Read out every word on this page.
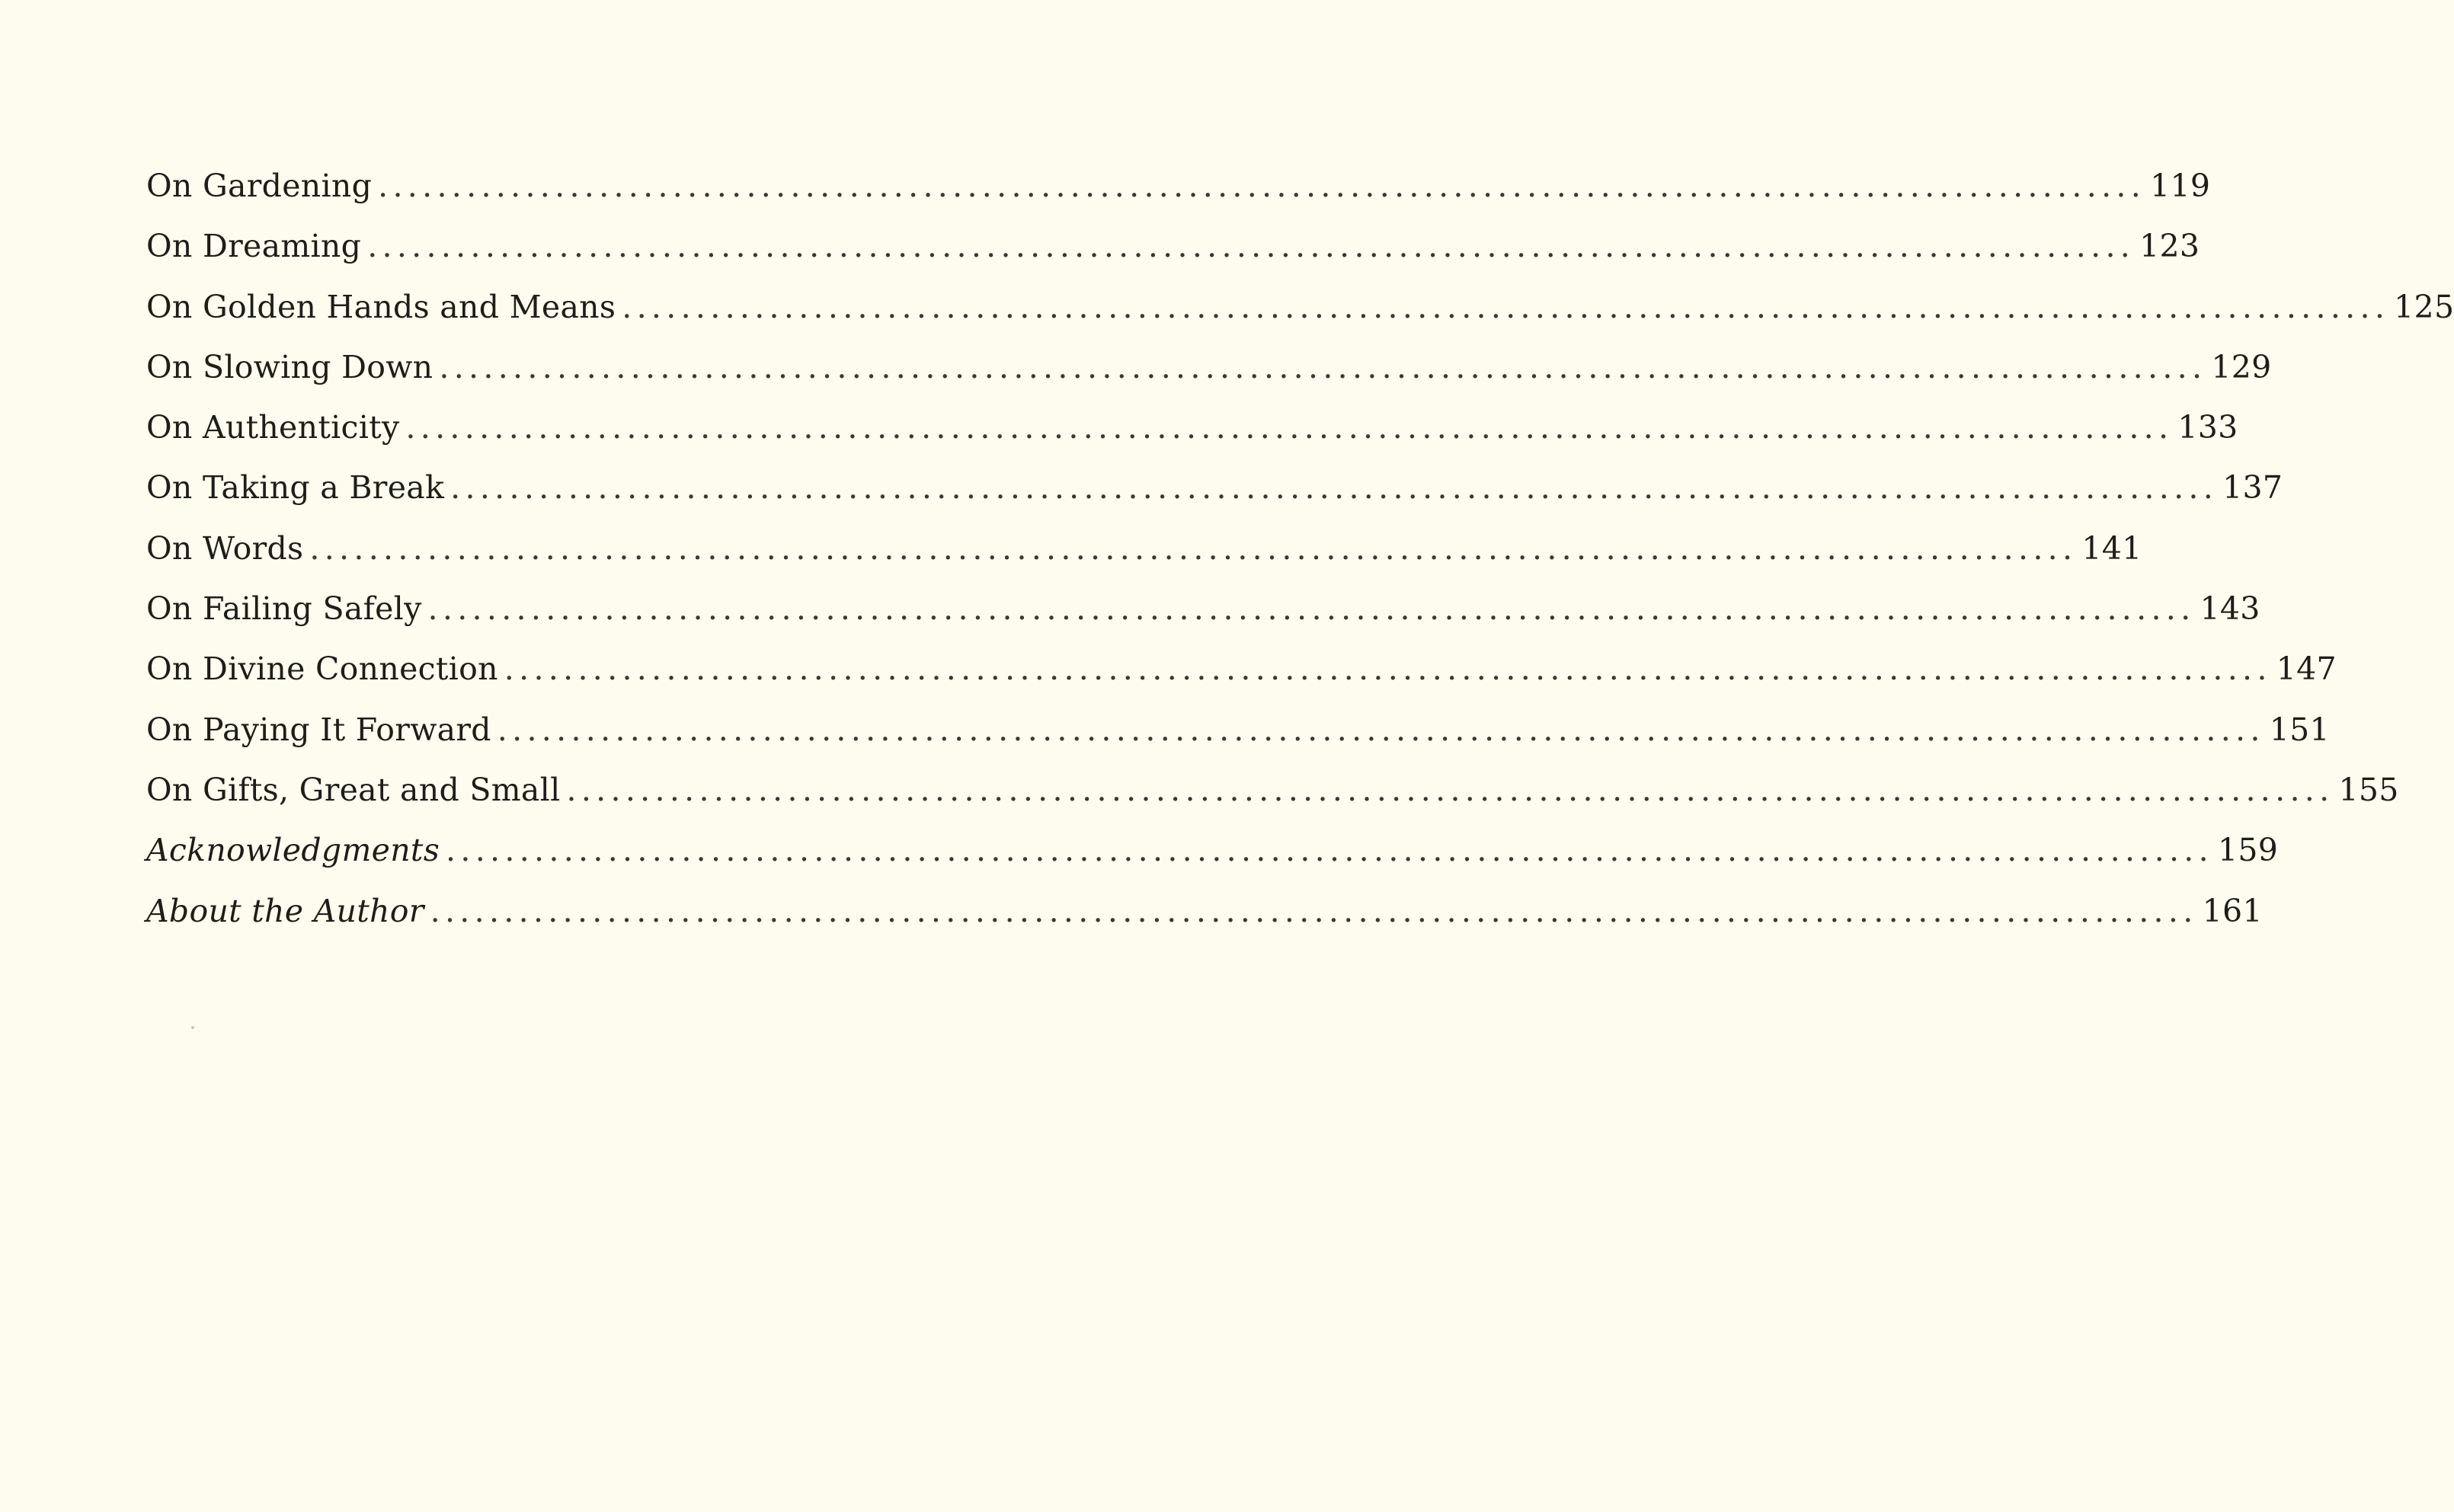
On Gardening ........................................................................................................................ 119
On Dreaming ........................................................................................................................ 123
On Golden Hands and Means ........................................................................................................................ 125
On Slowing Down ........................................................................................................................ 129
On Authenticity ........................................................................................................................ 133
On Taking a Break ........................................................................................................................ 137
On Words ........................................................................................................................ 141
On Failing Safely ........................................................................................................................ 143
On Divine Connection ........................................................................................................................ 147
On Paying It Forward ........................................................................................................................ 151
On Gifts, Great and Small ........................................................................................................................ 155
Acknowledgments ........................................................................................................................ 159
About the Author ........................................................................................................................ 161
